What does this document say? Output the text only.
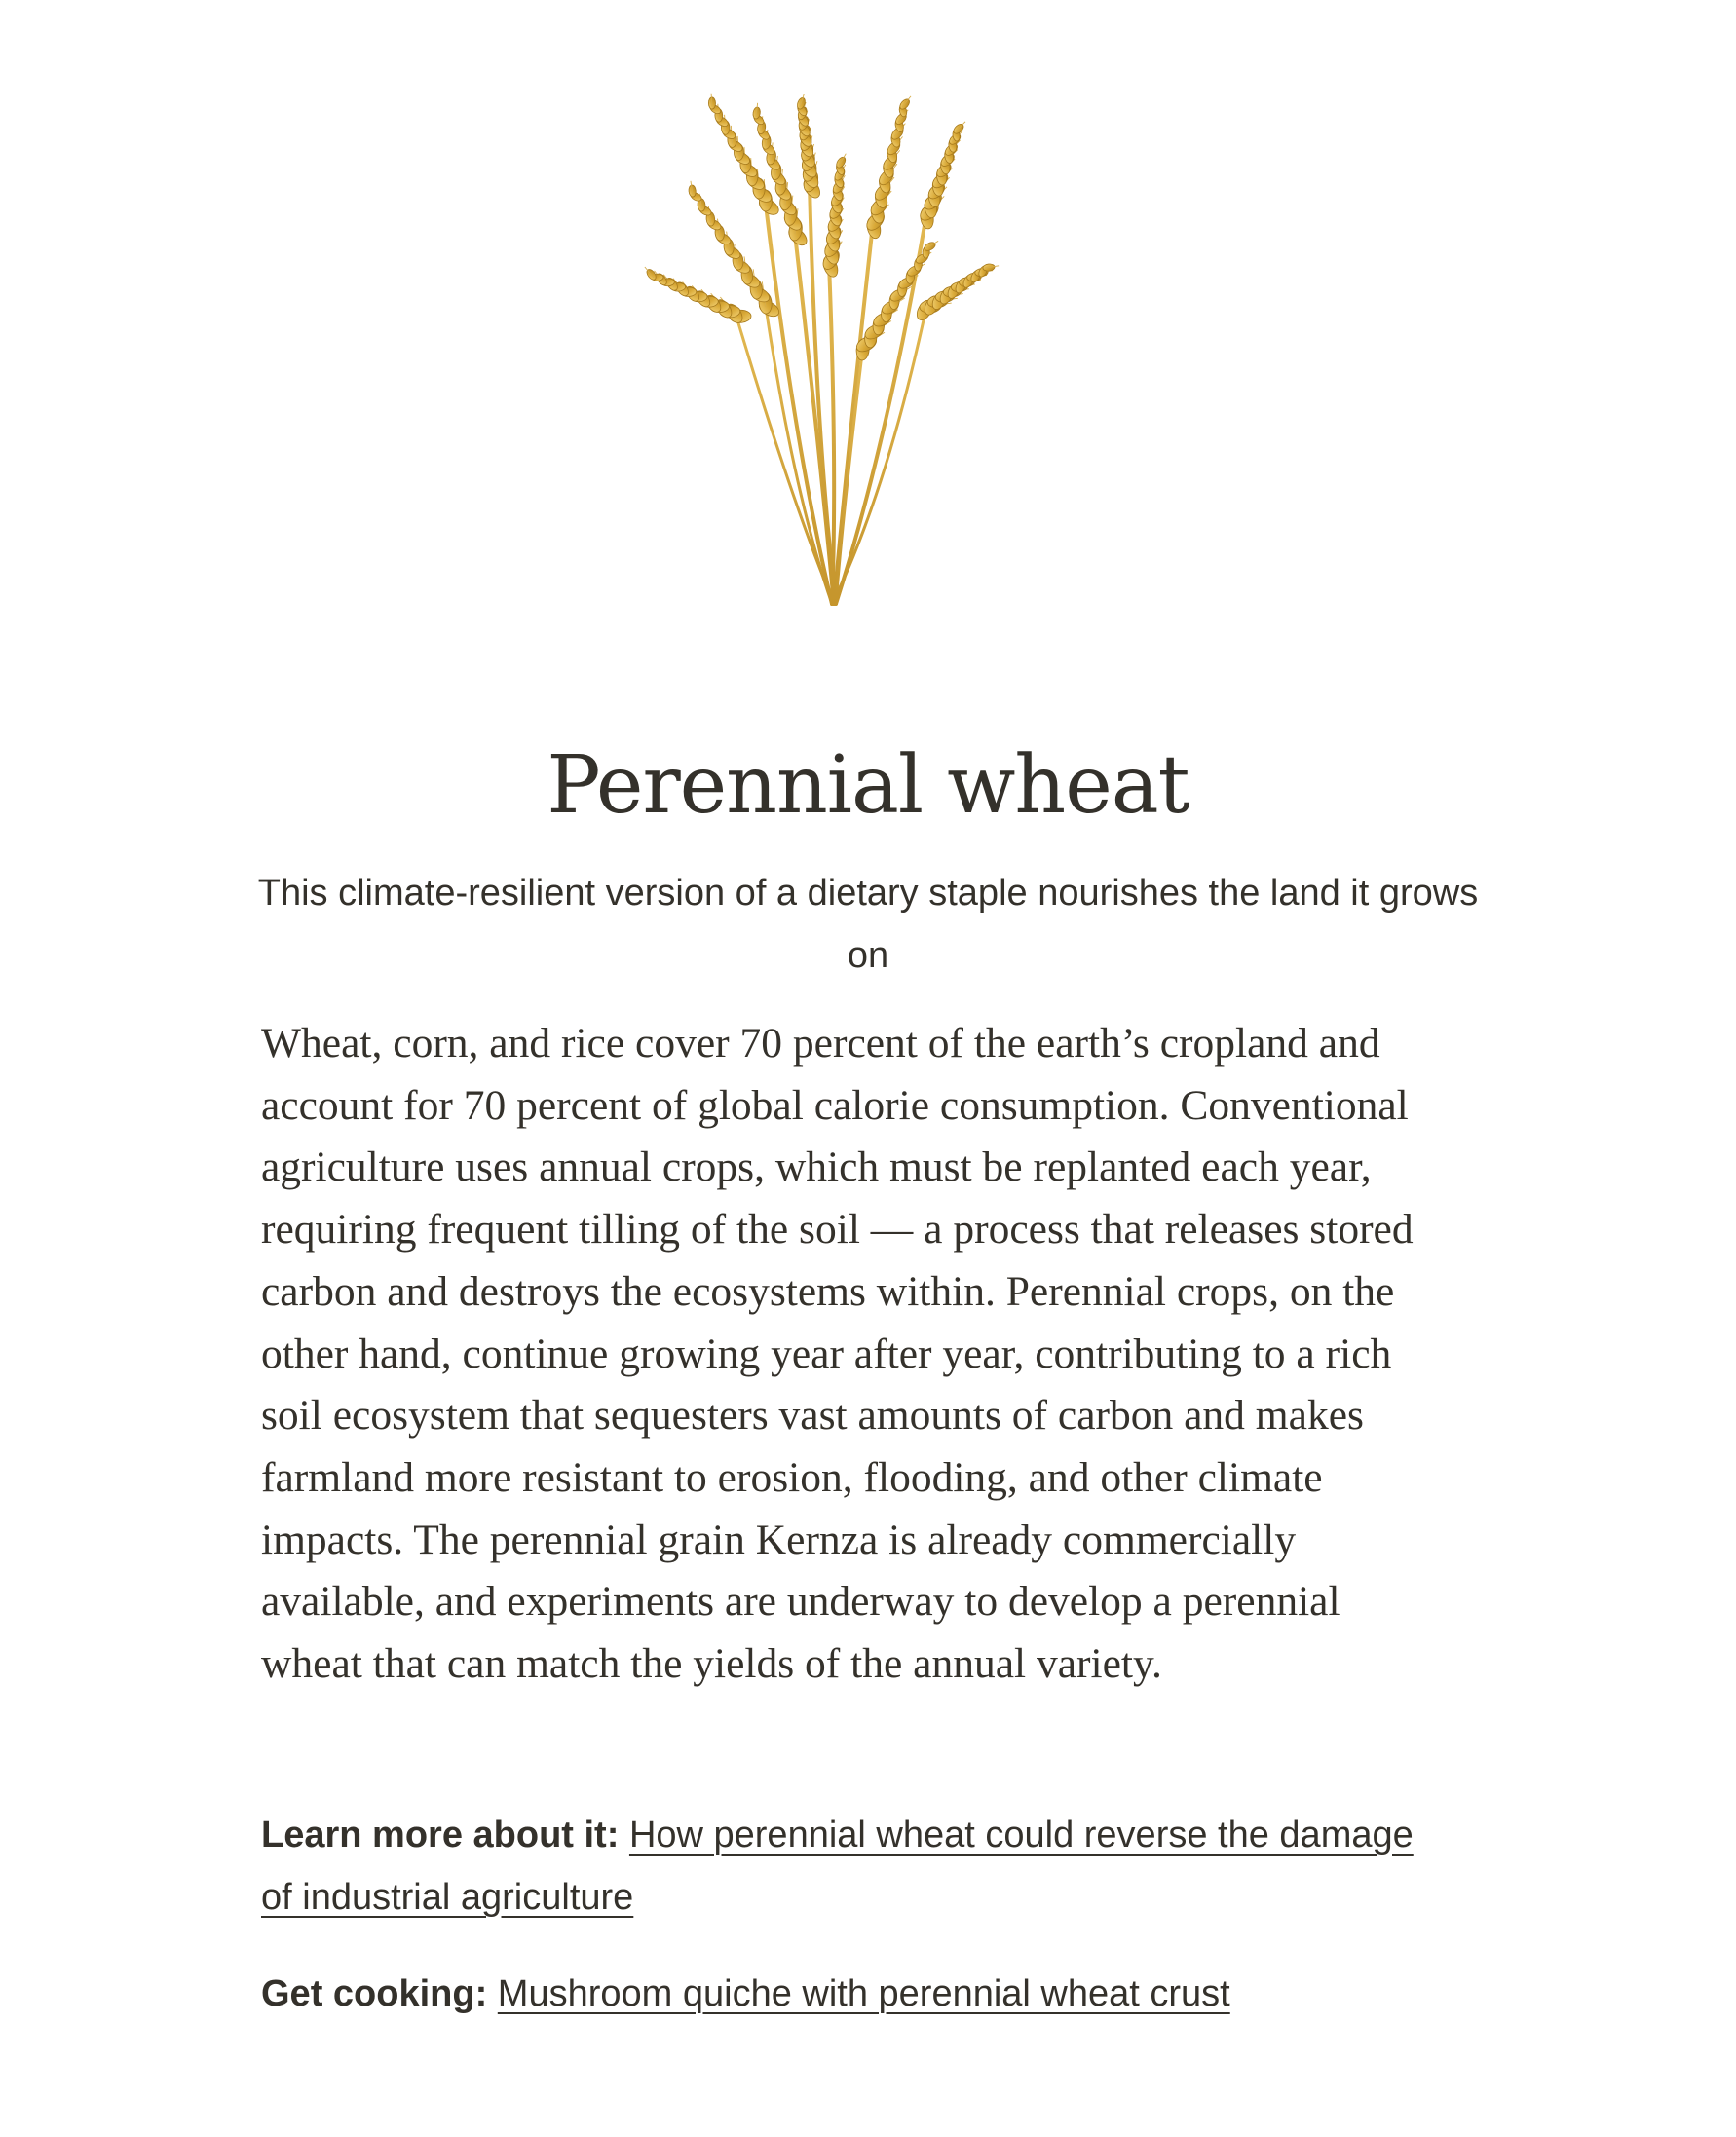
Perennial wheat

This climate-resilient version of a dietary staple nourishes the land it grows on

Wheat, corn, and rice cover 70 percent of the earth’s cropland and account for 70 percent of global calorie consumption. Conventional agriculture uses annual crops, which must be replanted each year, requiring frequent tilling of the soil — a process that releases stored carbon and destroys the ecosystems within. Perennial crops, on the other hand, continue growing year after year, contributing to a rich soil ecosystem that sequesters vast amounts of carbon and makes farmland more resistant to erosion, flooding, and other climate impacts. The perennial grain Kernza is already commercially available, and experiments are underway to develop a perennial wheat that can match the yields of the annual variety.

Learn more about it: How perennial wheat could reverse the damage of industrial agriculture

Get cooking: Mushroom quiche with perennial wheat crust
